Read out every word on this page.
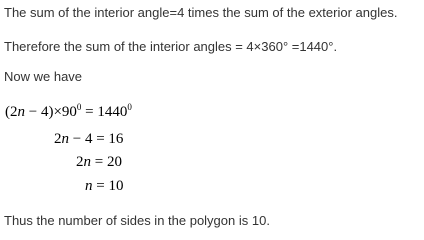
The sum of the interior angle=4 times the sum of the exterior angles.
Therefore the sum of the interior angles = 4×360° =1440°.
Now we have
$(2n - 4)\times 90^0 = 1440^0$
2n − 4 = 16
2n = 20
n = 10
Thus the number of sides in the polygon is 10.
